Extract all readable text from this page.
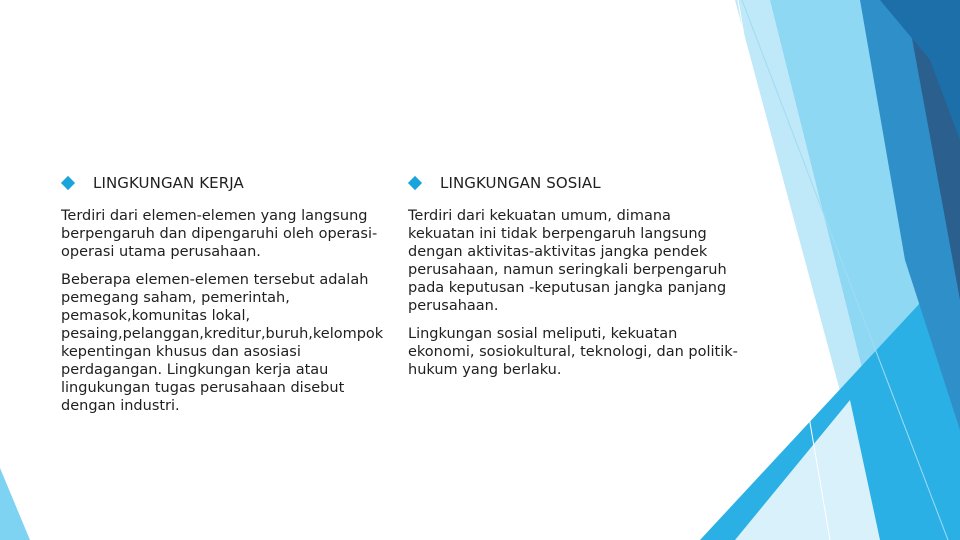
LINGKUNGAN KERJA

Terdiri dari elemen-elemen yang langsung berpengaruh dan dipengaruhi oleh operasi-operasi utama perusahaan.

Beberapa elemen-elemen tersebut adalah pemegang saham, pemerintah, pemasok,komunitas lokal, pesaing,pelanggan,kreditur,buruh,kelompok kepentingan khusus dan asosiasi perdagangan. Lingkungan kerja atau lingukungan tugas perusahaan disebut dengan industri.

LINGKUNGAN SOSIAL

Terdiri dari kekuatan umum, dimana kekuatan ini tidak berpengaruh langsung dengan aktivitas-aktivitas jangka pendek perusahaan, namun seringkali berpengaruh pada keputusan -keputusan jangka panjang perusahaan.

Lingkungan sosial meliputi, kekuatan ekonomi, sosiokultural, teknologi, dan politik-hukum yang berlaku.
